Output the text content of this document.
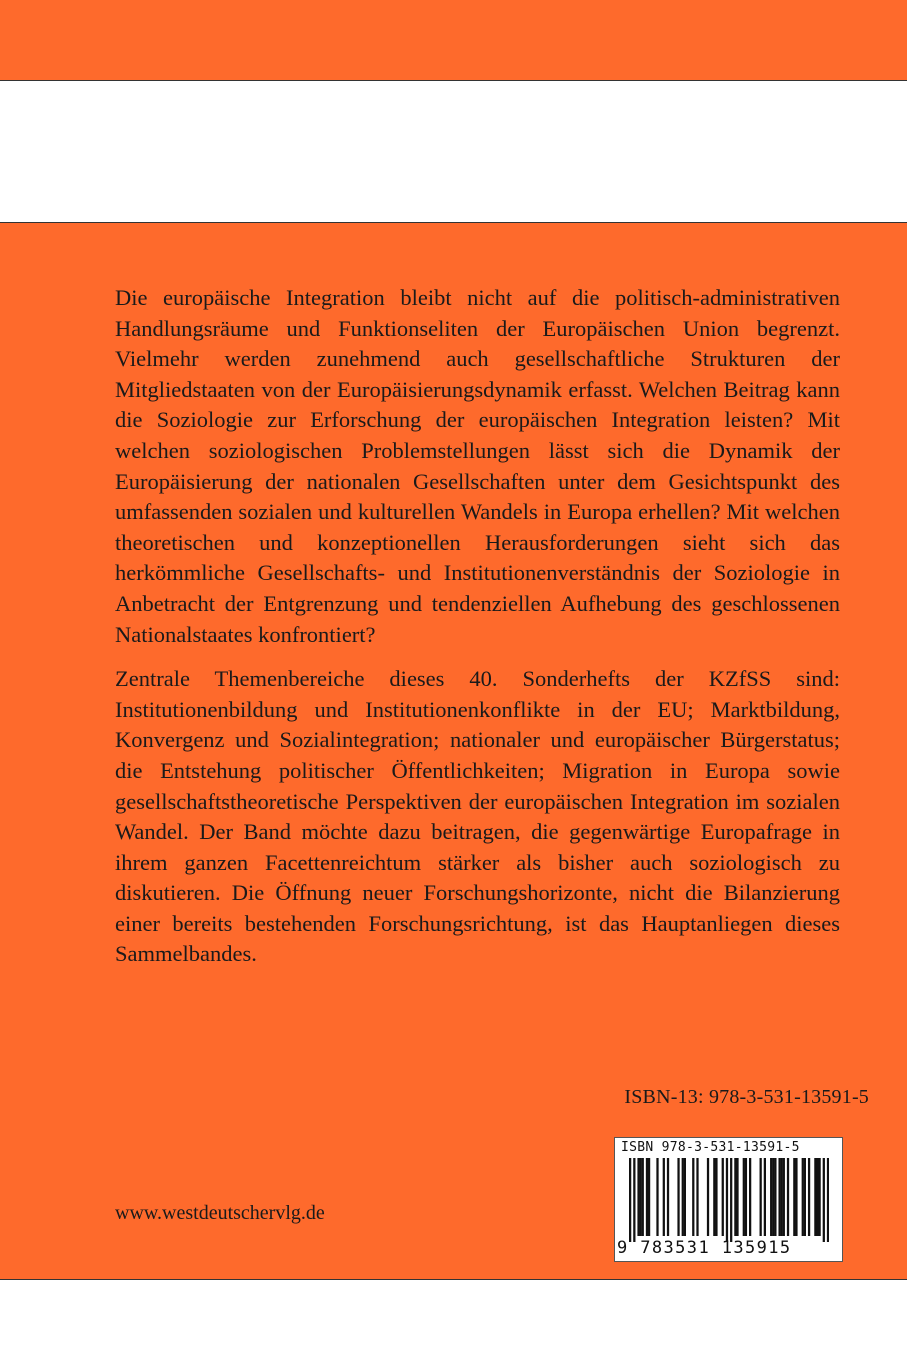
Die europäische Integration bleibt nicht auf die politisch-administrativen Handlungsräume und Funktionseliten der Europäischen Union begrenzt. Vielmehr werden zunehmend auch gesellschaftliche Strukturen der Mitgliedstaaten von der Europäisierungsdynamik erfasst. Welchen Beitrag kann die Soziologie zur Erforschung der europäischen Integration leisten? Mit welchen soziologischen Problemstellungen lässt sich die Dynamik der Europäisierung der nationalen Gesellschaften unter dem Gesichtspunkt des umfassenden sozialen und kulturellen Wandels in Europa erhellen? Mit welchen theoretischen und konzeptionellen Herausforderungen sieht sich das herkömmliche Gesellschafts- und Institutionenverständnis der Soziologie in Anbetracht der Entgrenzung und tendenziellen Aufhebung des geschlossenen Nationalstaates konfrontiert?

Zentrale Themenbereiche dieses 40. Sonderhefts der KZfSS sind: Institutionenbildung und Institutionenkonflikte in der EU; Marktbildung, Konvergenz und Sozialintegration; nationaler und europäischer Bürgerstatus; die Entstehung politischer Öffentlichkeiten; Migration in Europa sowie gesellschaftstheoretische Perspektiven der europäischen Integration im sozialen Wandel. Der Band möchte dazu beitragen, die gegenwärtige Europafrage in ihrem ganzen Facettenreichtum stärker als bisher auch soziologisch zu diskutieren. Die Öffnung neuer Forschungshorizonte, nicht die Bilanzierung einer bereits bestehenden Forschungsrichtung, ist das Hauptanliegen dieses Sammelbandes.

ISBN-13: 978-3-531-13591-5
www.westdeutschervlg.de
ISBN 978-3-531-13591-5
9 783531 135915
